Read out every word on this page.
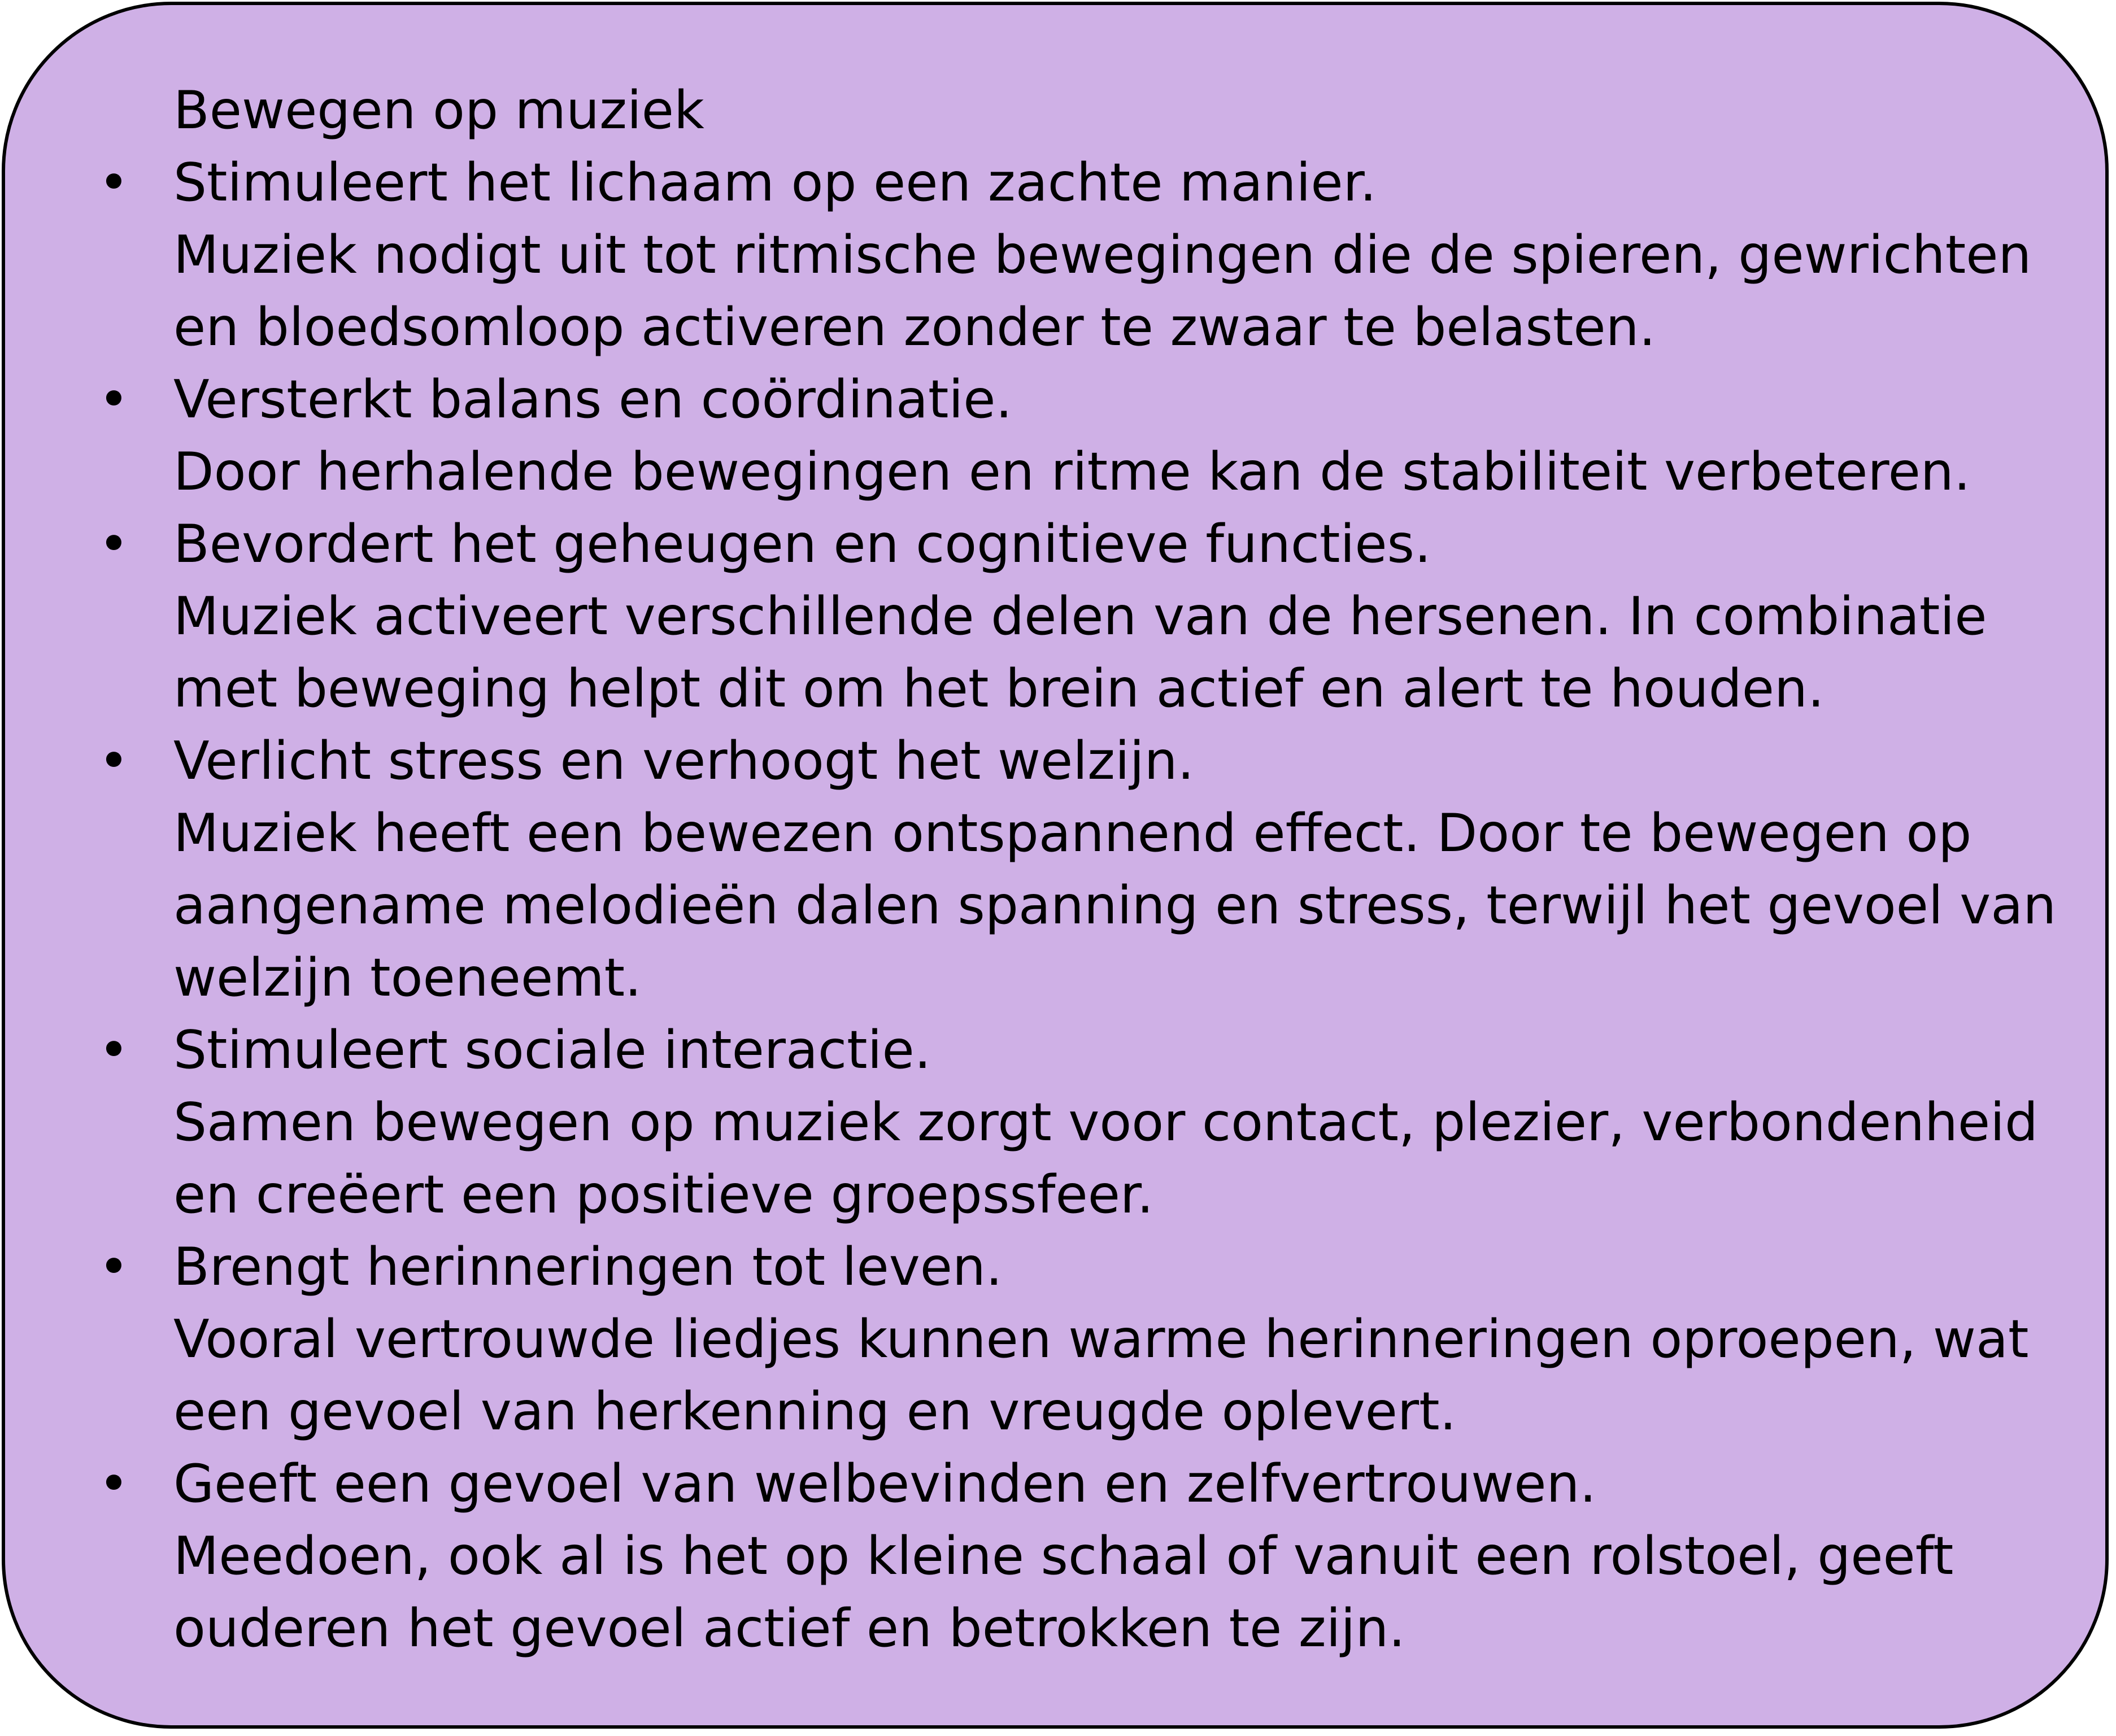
Bewegen op muziek
• Stimuleert het lichaam op een zachte manier.
Muziek nodigt uit tot ritmische bewegingen die de spieren, gewrichten
en bloedsomloop activeren zonder te zwaar te belasten.
• Versterkt balans en coördinatie.
Door herhalende bewegingen en ritme kan de stabiliteit verbeteren.
• Bevordert het geheugen en cognitieve functies.
Muziek activeert verschillende delen van de hersenen. In combinatie
met beweging helpt dit om het brein actief en alert te houden.
• Verlicht stress en verhoogt het welzijn.
Muziek heeft een bewezen ontspannend effect. Door te bewegen op
aangename melodieën dalen spanning en stress, terwijl het gevoel van
welzijn toeneemt.
• Stimuleert sociale interactie.
Samen bewegen op muziek zorgt voor contact, plezier, verbondenheid
en creëert een positieve groepssfeer.
• Brengt herinneringen tot leven.
Vooral vertrouwde liedjes kunnen warme herinneringen oproepen, wat
een gevoel van herkenning en vreugde oplevert.
• Geeft een gevoel van welbevinden en zelfvertrouwen.
Meedoen, ook al is het op kleine schaal of vanuit een rolstoel, geeft
ouderen het gevoel actief en betrokken te zijn.
